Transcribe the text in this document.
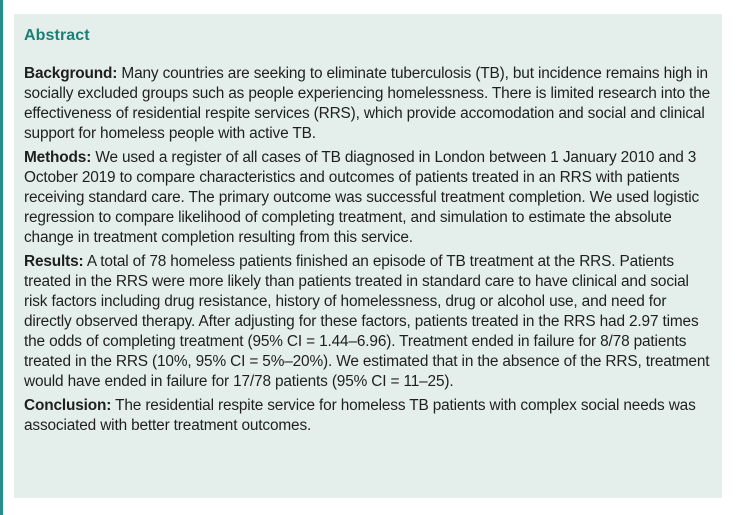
Abstract

Background: Many countries are seeking to eliminate tuberculosis (TB), but incidence remains high in socially excluded groups such as people experiencing homelessness. There is limited research into the effectiveness of residential respite services (RRS), which provide accomodation and social and clinical support for homeless people with active TB.

Methods: We used a register of all cases of TB diagnosed in London between 1 January 2010 and 3 October 2019 to compare characteristics and outcomes of patients treated in an RRS with patients receiving standard care. The primary outcome was successful treatment completion. We used logistic regression to compare likelihood of completing treatment, and simulation to estimate the absolute change in treatment completion resulting from this service.

Results: A total of 78 homeless patients finished an episode of TB treatment at the RRS. Patients treated in the RRS were more likely than patients treated in standard care to have clinical and social risk factors including drug resistance, history of homelessness, drug or alcohol use, and need for directly observed therapy. After adjusting for these factors, patients treated in the RRS had 2.97 times the odds of completing treatment (95% CI = 1.44–6.96). Treatment ended in failure for 8/78 patients treated in the RRS (10%, 95% CI = 5%–20%). We estimated that in the absence of the RRS, treatment would have ended in failure for 17/78 patients (95% CI = 11–25).

Conclusion: The residential respite service for homeless TB patients with complex social needs was associated with better treatment outcomes.
